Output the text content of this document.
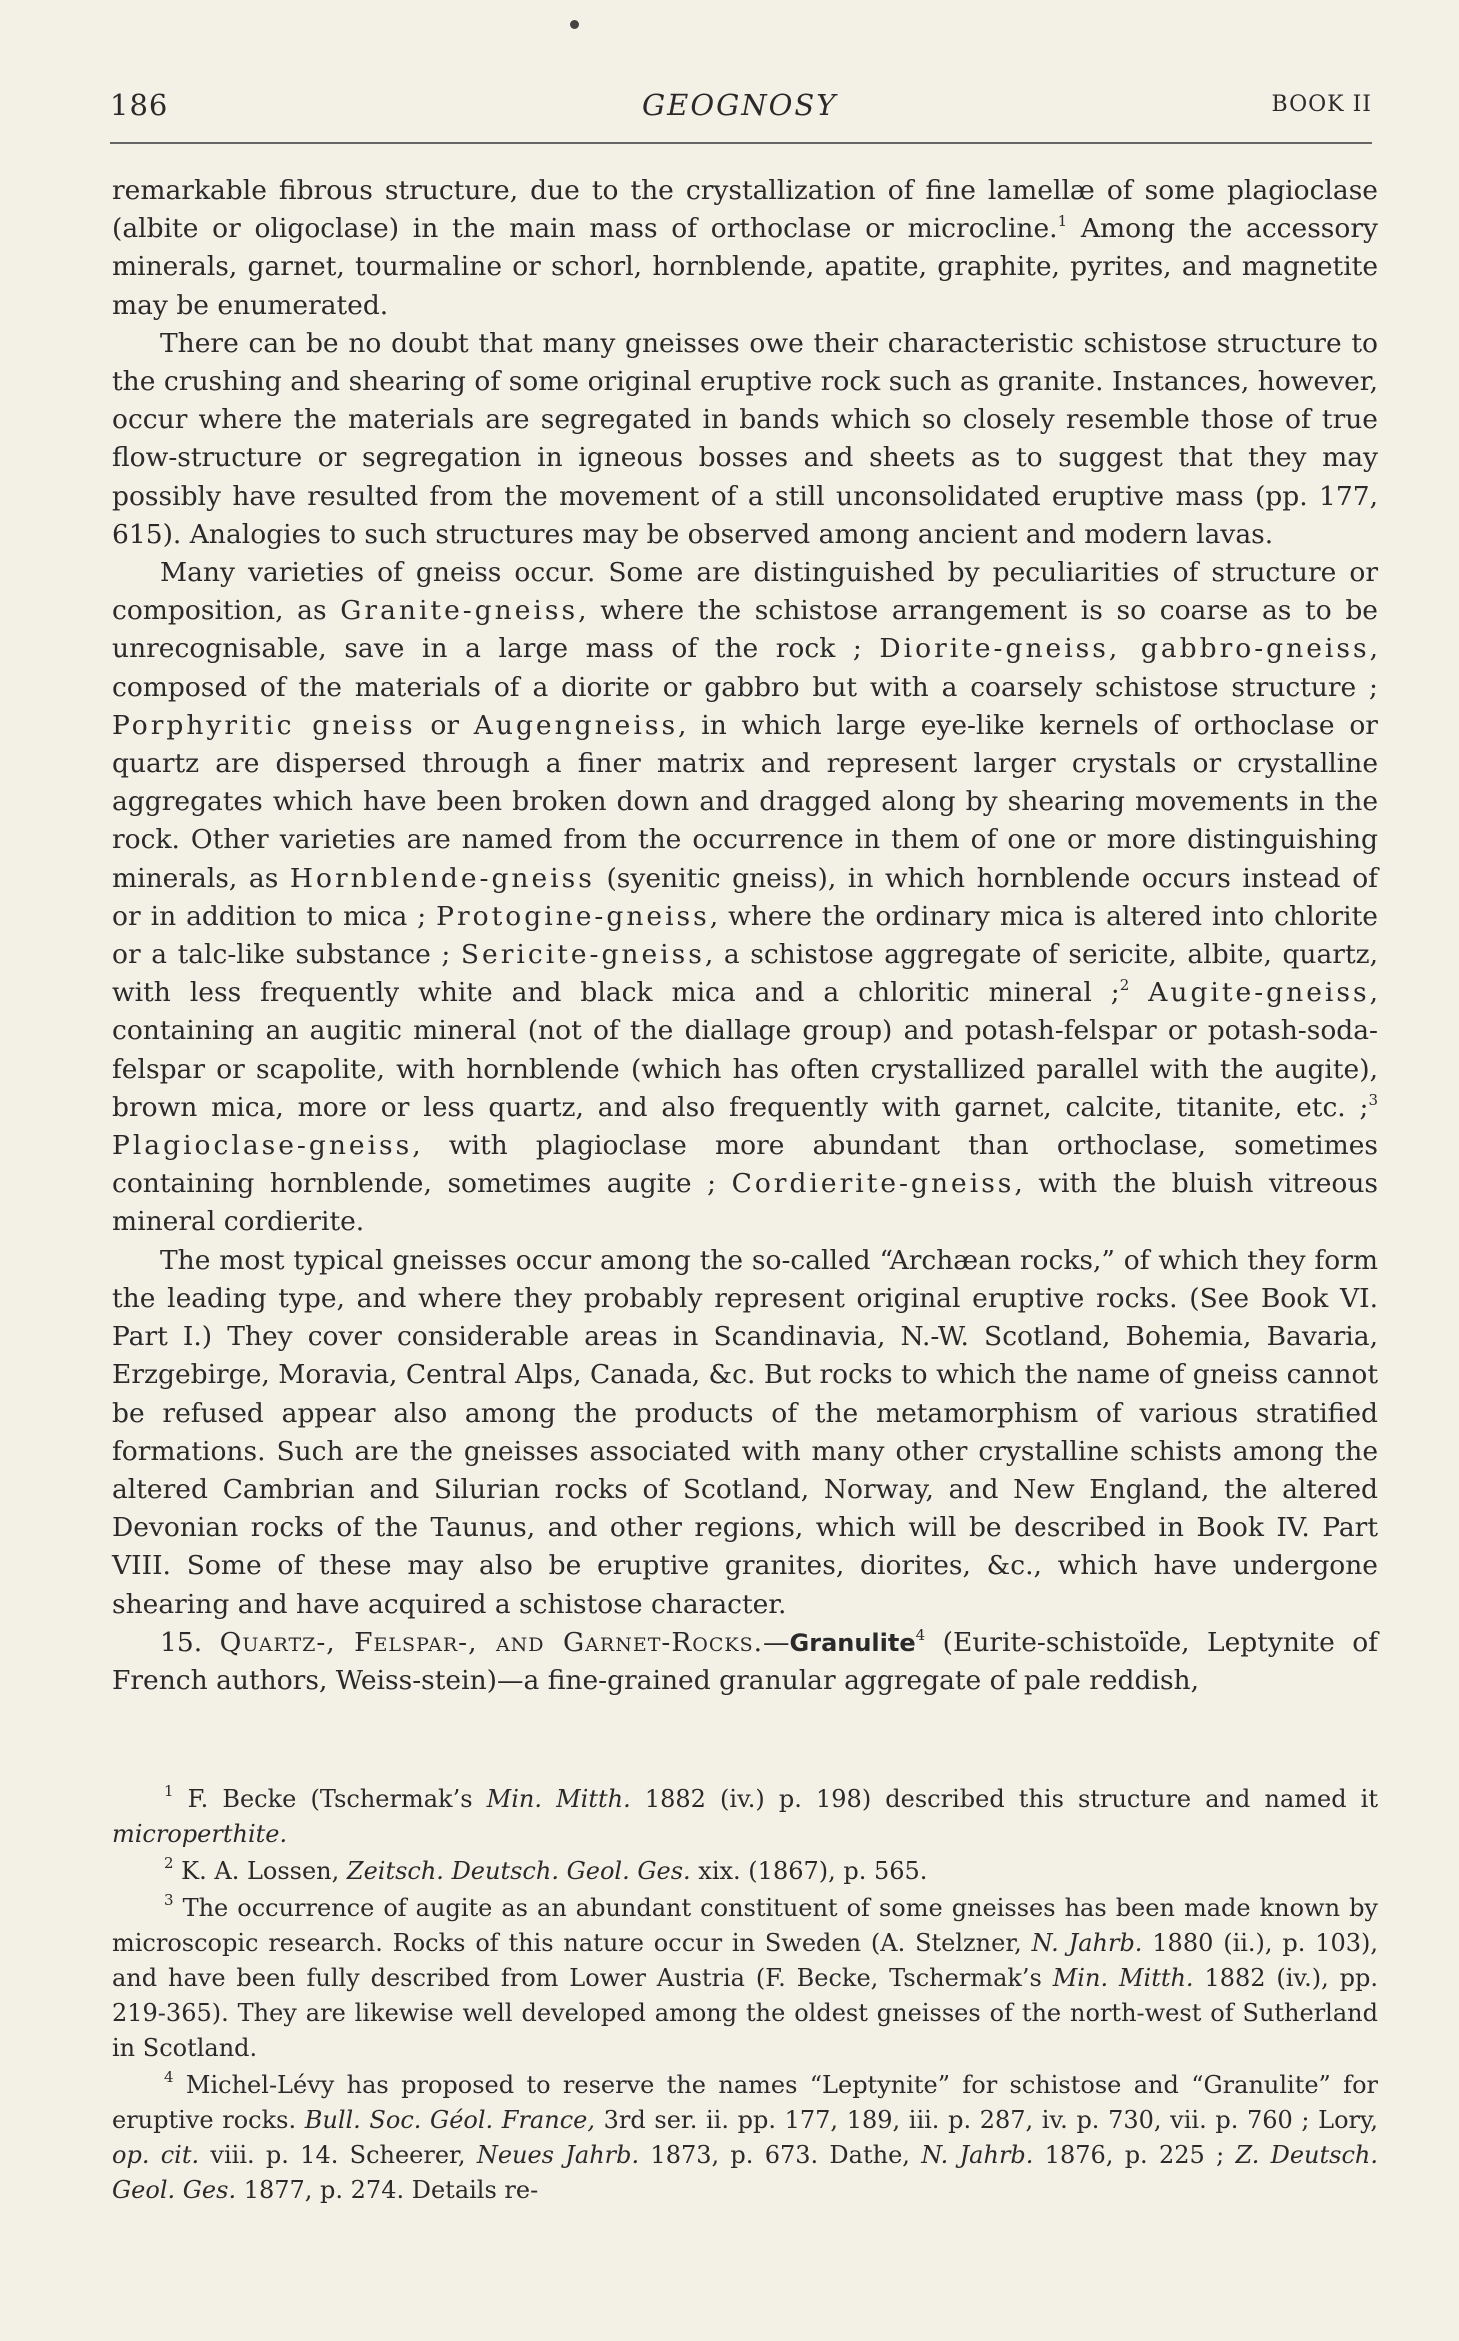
186	GEOGNOSY	BOOK II

remarkable fibrous structure, due to the crystallization of fine lamellæ of some plagioclase (albite or oligoclase) in the main mass of orthoclase or microcline.$^1$ Among the accessory minerals, garnet, tourmaline or schorl, hornblende, apatite, graphite, pyrites, and magnetite may be enumerated.

There can be no doubt that many gneisses owe their characteristic schistose structure to the crushing and shearing of some original eruptive rock such as granite. Instances, however, occur where the materials are segregated in bands which so closely resemble those of true flow-structure or segregation in igneous bosses and sheets as to suggest that they may possibly have resulted from the movement of a still unconsolidated eruptive mass (pp. 177, 615). Analogies to such structures may be observed among ancient and modern lavas.

Many varieties of gneiss occur. Some are distinguished by peculiarities of structure or composition, as Granite-gneiss, where the schistose arrangement is so coarse as to be unrecognisable, save in a large mass of the rock ; Diorite-gneiss, gabbro-gneiss, composed of the materials of a diorite or gabbro but with a coarsely schistose structure ; Porphyritic gneiss or Augengneiss, in which large eye-like kernels of orthoclase or quartz are dispersed through a finer matrix and represent larger crystals or crystalline aggregates which have been broken down and dragged along by shearing movements in the rock. Other varieties are named from the occurrence in them of one or more distinguishing minerals, as Hornblende-gneiss (syenitic gneiss), in which hornblende occurs instead of or in addition to mica ; Protogine-gneiss, where the ordinary mica is altered into chlorite or a talc-like substance ; Sericite-gneiss, a schistose aggregate of sericite, albite, quartz, with less frequently white and black mica and a chloritic mineral ;$^2$ Augite-gneiss, containing an augitic mineral (not of the diallage group) and potash-felspar or potash-soda-felspar or scapolite, with hornblende (which has often crystallized parallel with the augite), brown mica, more or less quartz, and also frequently with garnet, calcite, titanite, etc. ;$^3$ Plagioclase-gneiss, with plagioclase more abundant than orthoclase, sometimes containing hornblende, sometimes augite ; Cordierite-gneiss, with the bluish vitreous mineral cordierite.

The most typical gneisses occur among the so-called “Archæan rocks,” of which they form the leading type, and where they probably represent original eruptive rocks. (See Book VI. Part I.) They cover considerable areas in Scandinavia, N.-W. Scotland, Bohemia, Bavaria, Erzgebirge, Moravia, Central Alps, Canada, &c. But rocks to which the name of gneiss cannot be refused appear also among the products of the metamorphism of various stratified formations. Such are the gneisses associated with many other crystalline schists among the altered Cambrian and Silurian rocks of Scotland, Norway, and New England, the altered Devonian rocks of the Taunus, and other regions, which will be described in Book IV. Part VIII. Some of these may also be eruptive granites, diorites, &c., which have undergone shearing and have acquired a schistose character.

15. Quartz-, Felspar-, and Garnet-Rocks.—Granulite$^4$ (Eurite-schistoïde, Leptynite of French authors, Weiss-stein)—a fine-grained granular aggregate of pale reddish,

$^1$ F. Becke (Tschermak’s Min. Mitth. 1882 (iv.) p. 198) described this structure and named it microperthite.

$^2$ K. A. Lossen, Zeitsch. Deutsch. Geol. Ges. xix. (1867), p. 565.

$^3$ The occurrence of augite as an abundant constituent of some gneisses has been made known by microscopic research. Rocks of this nature occur in Sweden (A. Stelzner, N. Jahrb. 1880 (ii.), p. 103), and have been fully described from Lower Austria (F. Becke, Tschermak’s Min. Mitth. 1882 (iv.), pp. 219-365). They are likewise well developed among the oldest gneisses of the north-west of Sutherland in Scotland.

$^4$ Michel-Lévy has proposed to reserve the names “Leptynite” for schistose and “Granulite” for eruptive rocks. Bull. Soc. Géol. France, 3rd ser. ii. pp. 177, 189, iii. p. 287, iv. p. 730, vii. p. 760 ; Lory, op. cit. viii. p. 14. Scheerer, Neues Jahrb. 1873, p. 673. Dathe, N. Jahrb. 1876, p. 225 ; Z. Deutsch. Geol. Ges. 1877, p. 274. Details re-
